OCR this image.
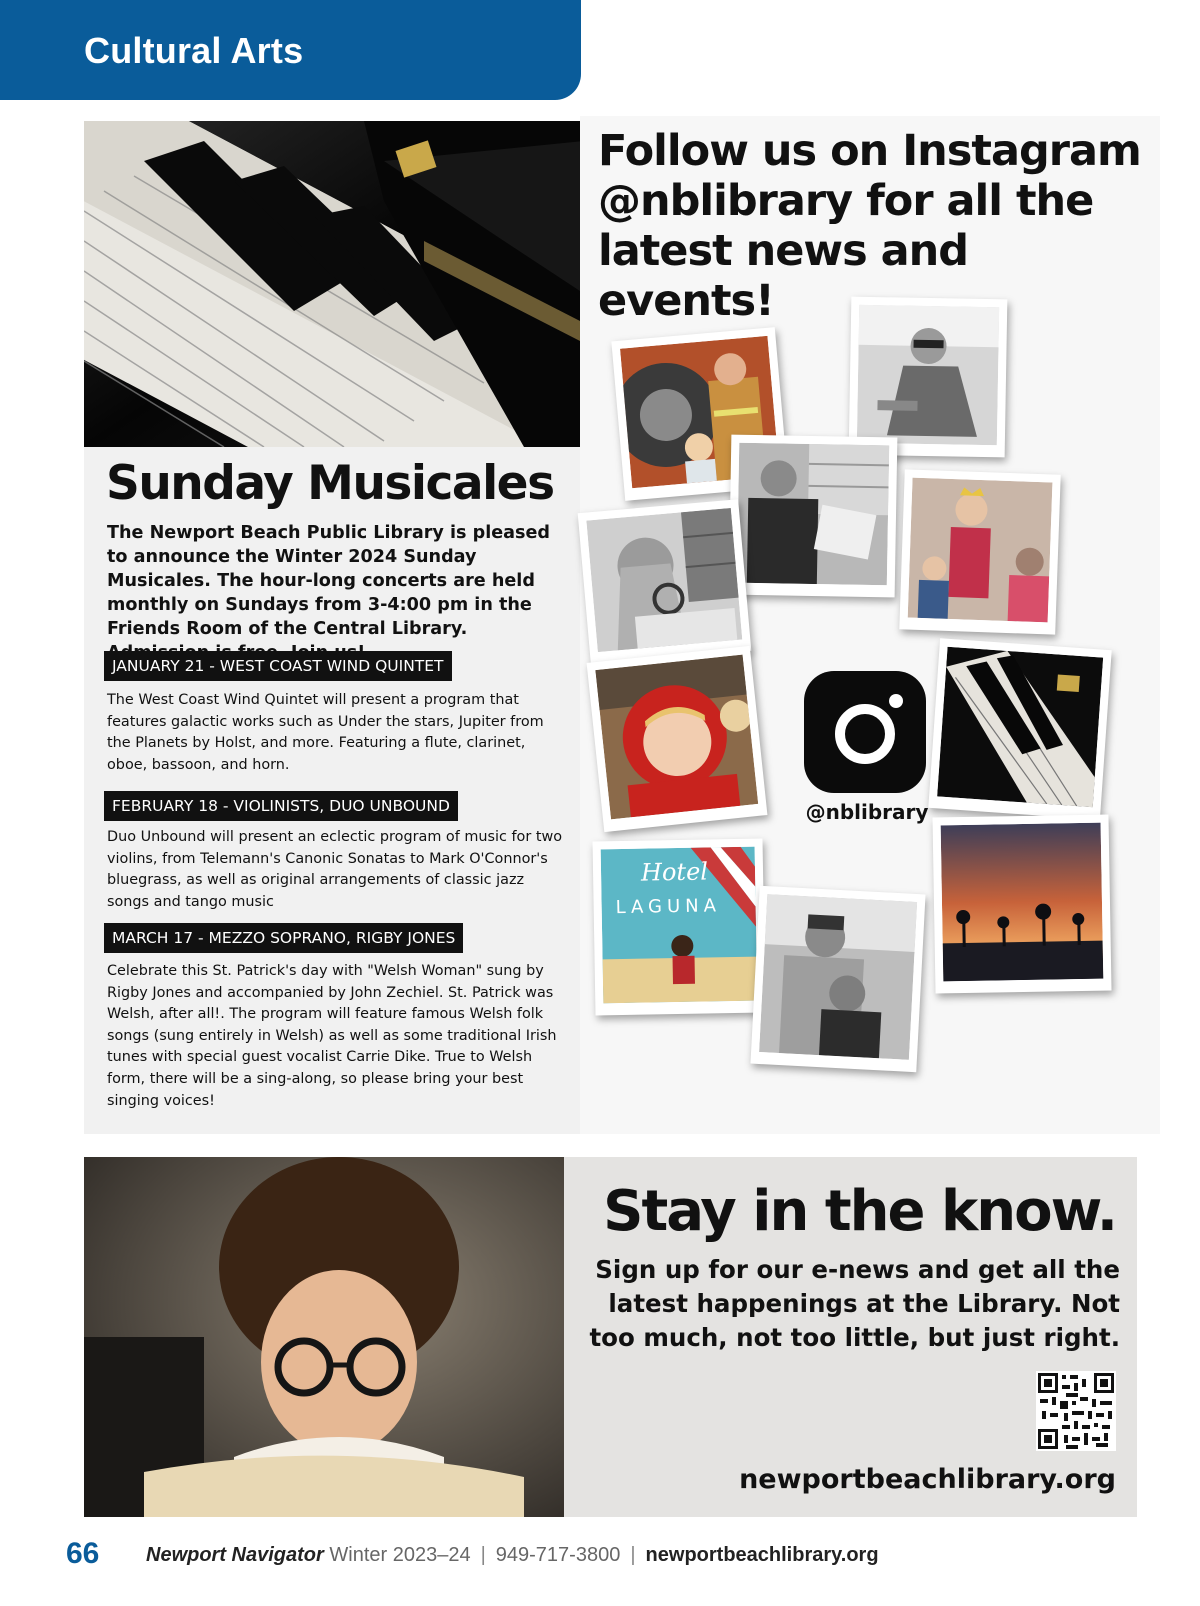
Cultural Arts
Sunday Musicales
The Newport Beach Public Library is pleased to announce the Winter 2024 Sunday Musicales. The hour-long concerts are held monthly on Sundays from 3-4:00 pm in the Friends Room of the Central Library.
JANUARY 21 - WEST COAST WIND QUINTET
The West Coast Wind Quintet will present a program that features galactic works such as Under the stars, Jupiter from the Planets by Holst, and more. Featuring a flute, clarinet, oboe, bassoon, and horn.
FEBRUARY 18 - VIOLINISTS, DUO UNBOUND
Duo Unbound will present an eclectic program of music for two violins, from Telemann's Canonic Sonatas to Mark O'Connor's bluegrass, as well as original arrangements of classic jazz songs and tango music
MARCH 17 - MEZZO SOPRANO, RIGBY JONES
Celebrate this St. Patrick's day with "Welsh Woman" sung by Rigby Jones and accompanied by John Zechiel. St. Patrick was Welsh, after all!. The program will feature famous Welsh folk songs (sung entirely in Welsh) as well as some traditional Irish tunes with special guest vocalist Carrie Dike. True to Welsh form, there will be a sing-along, so please bring your best singing voices!
Follow us on Instagram
@nblibrary for all the
latest news and events!
@nblibrary
Hotel
LAGUNA
Stay in the know.
Sign up for our e-news and get all the
latest happenings at the Library. Not
too much, not too little, but just right.
newportbeachlibrary.org
66 Newport Navigator Winter 2023–24 | 949-717-3800 | newportbeachlibrary.org
